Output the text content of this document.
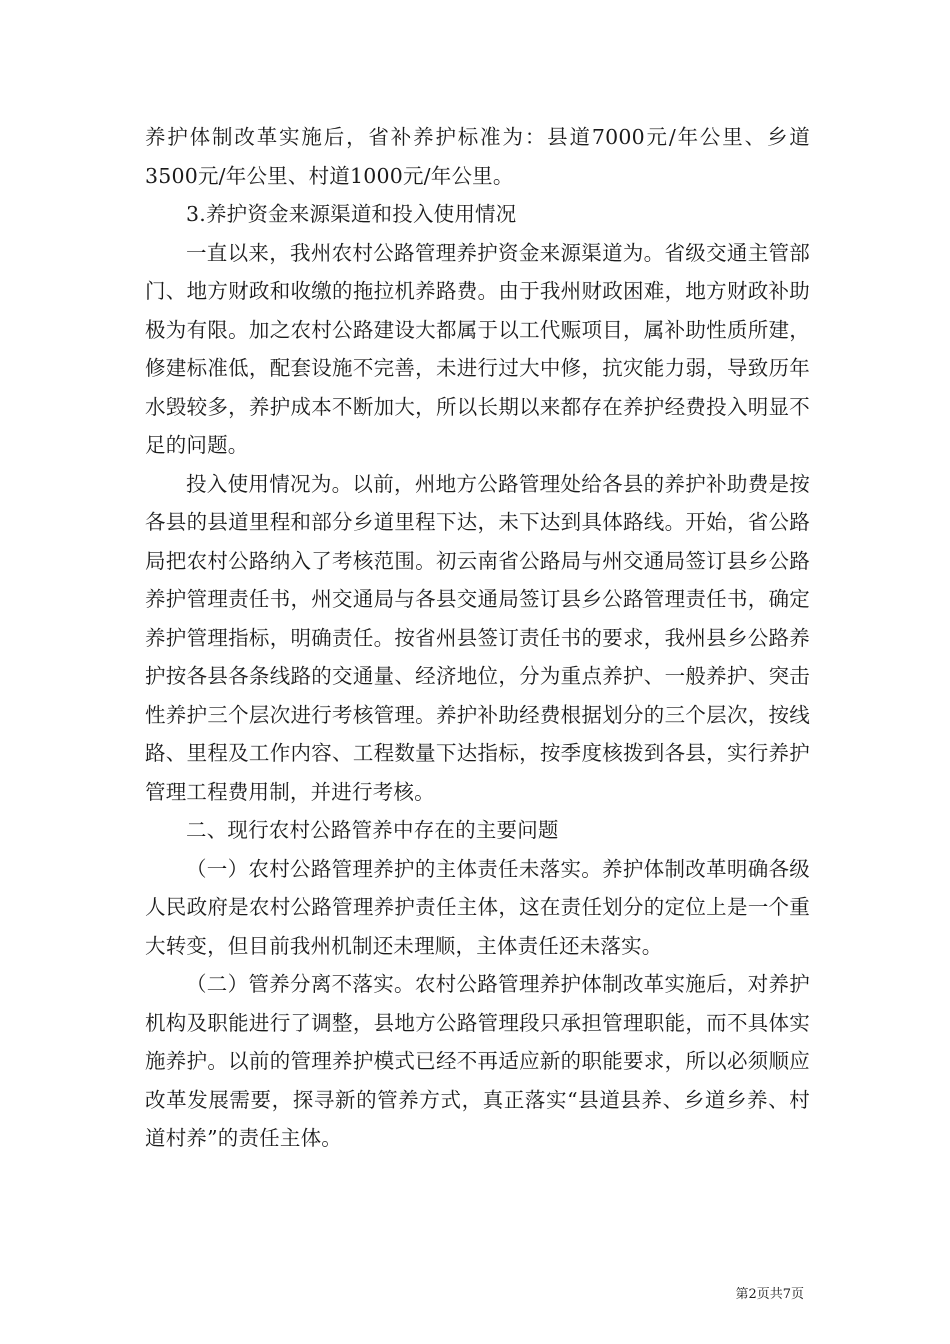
养护体制改革实施后，省补养护标准为：县道7000元/年公里、乡道3500元/年公里、村道1000元/年公里。

3.养护资金来源渠道和投入使用情况

一直以来，我州农村公路管理养护资金来源渠道为。省级交通主管部门、地方财政和收缴的拖拉机养路费。由于我州财政困难，地方财政补助极为有限。加之农村公路建设大都属于以工代赈项目，属补助性质所建，修建标准低，配套设施不完善，未进行过大中修，抗灾能力弱，导致历年水毁较多，养护成本不断加大，所以长期以来都存在养护经费投入明显不足的问题。

投入使用情况为。以前，州地方公路管理处给各县的养护补助费是按各县的县道里程和部分乡道里程下达，未下达到具体路线。开始，省公路局把农村公路纳入了考核范围。初云南省公路局与州交通局签订县乡公路养护管理责任书，州交通局与各县交通局签订县乡公路管理责任书，确定养护管理指标，明确责任。按省州县签订责任书的要求，我州县乡公路养护按各县各条线路的交通量、经济地位，分为重点养护、一般养护、突击性养护三个层次进行考核管理。养护补助经费根据划分的三个层次，按线路、里程及工作内容、工程数量下达指标，按季度核拨到各县，实行养护管理工程费用制，并进行考核。

二、现行农村公路管养中存在的主要问题

（一）农村公路管理养护的主体责任未落实。养护体制改革明确各级人民政府是农村公路管理养护责任主体，这在责任划分的定位上是一个重大转变，但目前我州机制还未理顺，主体责任还未落实。

（二）管养分离不落实。农村公路管理养护体制改革实施后，对养护机构及职能进行了调整，县地方公路管理段只承担管理职能，而不具体实施养护。以前的管理养护模式已经不再适应新的职能要求，所以必须顺应改革发展需要，探寻新的管养方式，真正落实“县道县养、乡道乡养、村道村养”的责任主体。

第2页共7页
